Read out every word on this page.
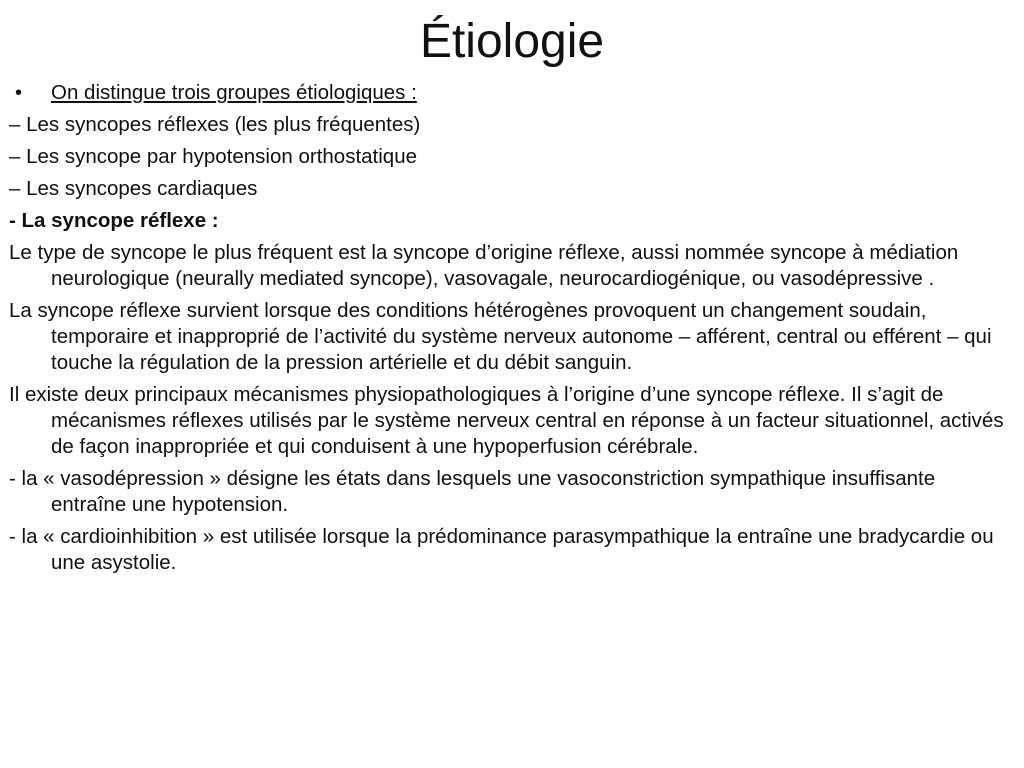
Étiologie
• On distingue trois groupes étiologiques :
– Les syncopes réflexes (les plus fréquentes)
– Les syncope par hypotension orthostatique
– Les syncopes cardiaques
- La syncope réflexe :
Le type de syncope le plus fréquent est la syncope d’origine réflexe, aussi nommée syncope à médiation neurologique (neurally mediated syncope), vasovagale, neurocardiogénique, ou vasodépressive .
La syncope réflexe survient lorsque des conditions hétérogènes provoquent un changement soudain, temporaire et inapproprié de l’activité du système nerveux autonome – afférent, central ou efférent – qui touche la régulation de la pression artérielle et du débit sanguin.
Il existe deux principaux mécanismes physiopathologiques à l’origine d’une syncope réflexe. Il s’agit de mécanismes réflexes utilisés par le système nerveux central en réponse à un facteur situationnel, activés de façon inappropriée et qui conduisent à une hypoperfusion cérébrale.
- la « vasodépression » désigne les états dans lesquels une vasoconstriction sympathique insuffisante entraîne une hypotension.
- la « cardioinhibition » est utilisée lorsque la prédominance parasympathique la entraîne une bradycardie ou une asystolie.
